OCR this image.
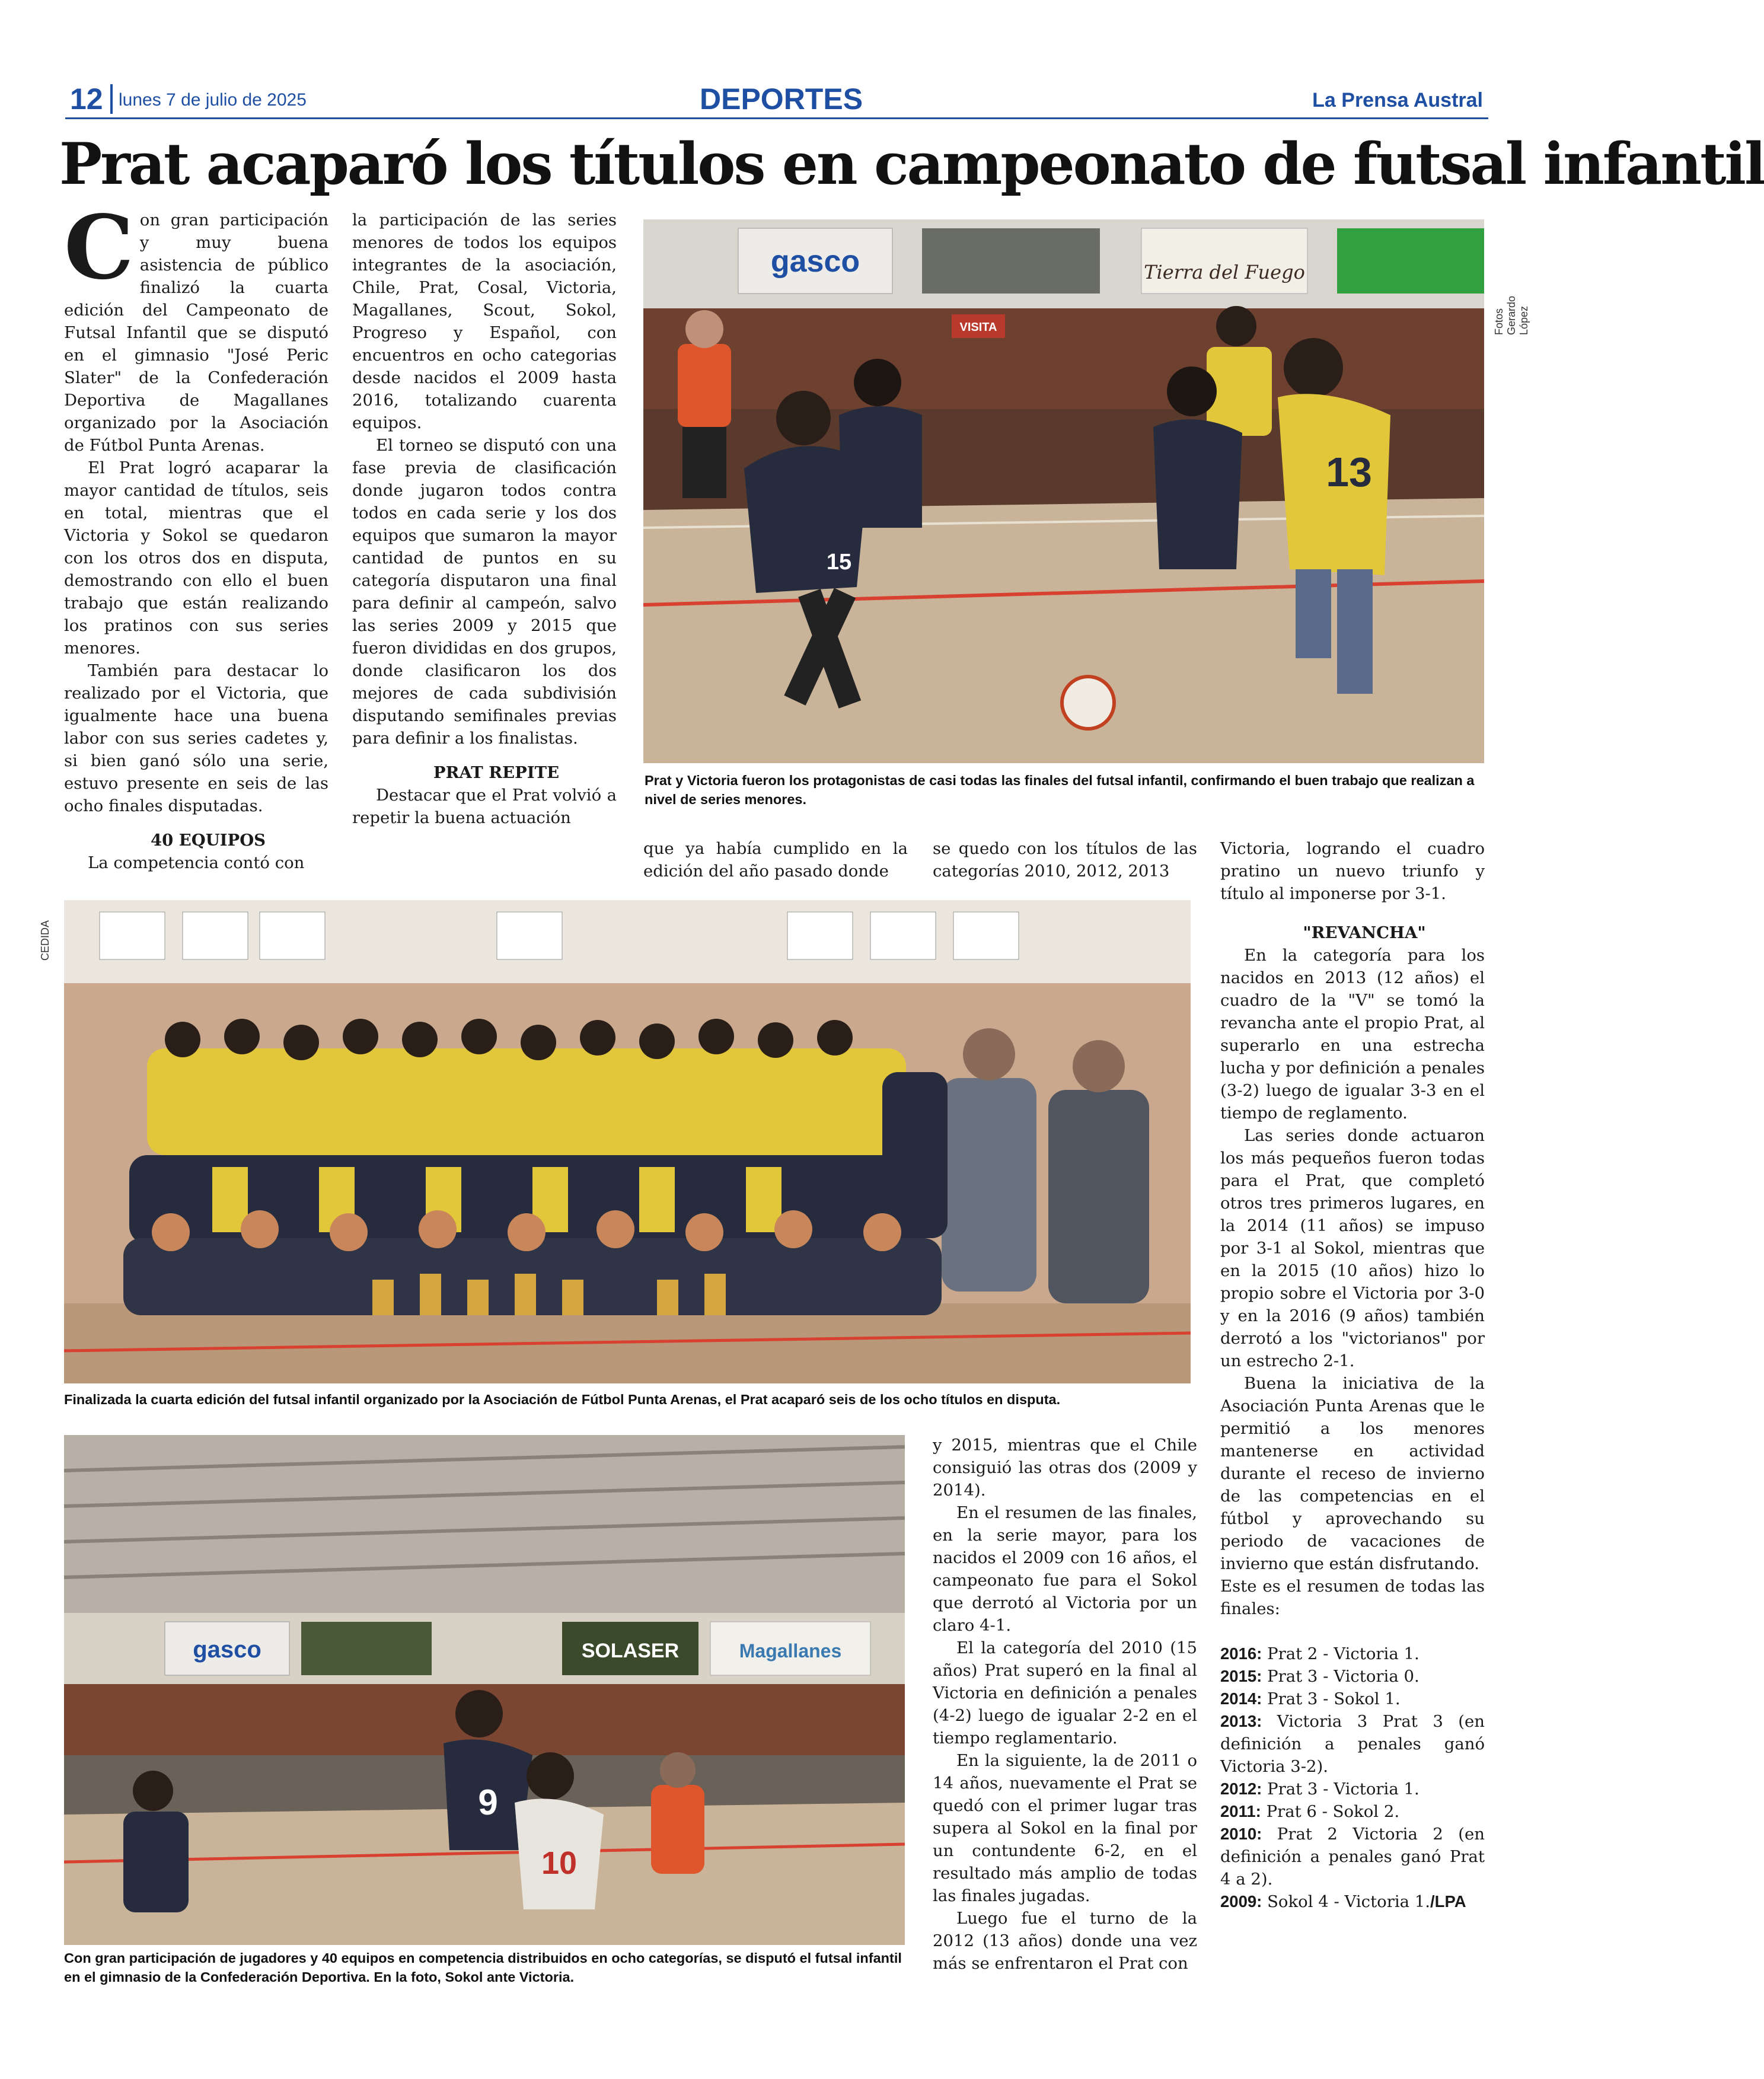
12 lunes 7 de julio de 2025	DEPORTES	La Prensa Austral
Prat acaparó los títulos en campeonato de futsal infantil

Con gran participación y muy buena asistencia de público finalizó la cuarta edición del Campeonato de Futsal Infantil que se disputó en el gimnasio "José Peric Slater" de la Confederación Deportiva de Magallanes organizado por la Asociación de Fútbol Punta Arenas.

El Prat logró acaparar la mayor cantidad de títulos, seis en total, mientras que el Victoria y Sokol se quedaron con los otros dos en disputa, demostrando con ello el buen trabajo que están realizando los pratinos con sus series menores.

También para destacar lo realizado por el Victoria, que igualmente hace una buena labor con sus series cadetes y, si bien ganó sólo una serie, estuvo presente en seis de las ocho finales disputadas.

40 EQUIPOS

La competencia contó con

la participación de las series menores de todos los equipos integrantes de la asociación, Chile, Prat, Cosal, Victoria, Magallanes, Scout, Sokol, Progreso y Español, con encuentros en ocho categorias desde nacidos el 2009 hasta 2016, totalizando cuarenta equipos.

El torneo se disputó con una fase previa de clasificación donde jugaron todos contra todos en cada serie y los dos equipos que sumaron la mayor cantidad de puntos en su categoría disputaron una final para definir al campeón, salvo las series 2009 y 2015 que fueron divididas en dos grupos, donde clasificaron los dos mejores de cada subdivisión disputando semifinales previas para definir a los finalistas.

PRAT REPITE

Destacar que el Prat volvió a repetir la buena actuación

gasco	Tierra del Fuego
VISITA
15
13
Fotos Gerardo López
Prat y Victoria fueron los protagonistas de casi todas las finales del futsal infantil, confirmando el buen trabajo que realizan a nivel de series menores.

que ya había cumplido en la edición del año pasado donde

se quedo con los títulos de las categorías 2010, 2012, 2013

CEDIDA
Finalizada la cuarta edición del futsal infantil organizado por la Asociación de Fútbol Punta Arenas, el Prat acaparó seis de los ocho títulos en disputa.
gasco	SOLASER	Magallanes
9
10
Con gran participación de jugadores y 40 equipos en competencia distribuidos en ocho categorías, se disputó el futsal infantil en el gimnasio de la Confederación Deportiva. En la foto, Sokol ante Victoria.

y 2015, mientras que el Chile consiguió las otras dos (2009 y 2014).

En el resumen de las finales, en la serie mayor, para los nacidos el 2009 con 16 años, el campeonato fue para el Sokol que derrotó al Victoria por un claro 4-1.

El la categoría del 2010 (15 años) Prat superó en la final al Victoria en definición a penales (4-2) luego de igualar 2-2 en el tiempo reglamentario.

En la siguiente, la de 2011 o 14 años, nuevamente el Prat se quedó con el primer lugar tras supera al Sokol en la final por un contundente 6-2, en el resultado más amplio de todas las finales jugadas.

Luego fue el turno de la 2012 (13 años) donde una vez más se enfrentaron el Prat con

Victoria, logrando el cuadro pratino un nuevo triunfo y título al imponerse por 3-1.

"REVANCHA"

En la categoría para los nacidos en 2013 (12 años) el cuadro de la "V" se tomó la revancha ante el propio Prat, al superarlo en una estrecha lucha y por definición a penales (3-2) luego de igualar 3-3 en el tiempo de reglamento.

Las series donde actuaron los más pequeños fueron todas para el Prat, que completó otros tres primeros lugares, en la 2014 (11 años) se impuso por 3-1 al Sokol, mientras que en la 2015 (10 años) hizo lo propio sobre el Victoria por 3-0 y en la 2016 (9 años) también derrotó a los "victorianos" por un estrecho 2-1.

Buena la iniciativa de la Asociación Punta Arenas que le permitió a los menores mantenerse en actividad durante el receso de invierno de las competencias en el fútbol y aprovechando su periodo de vacaciones de invierno que están disfrutando.

Este es el resumen de todas las finales:

2016: Prat 2 - Victoria 1.

2015: Prat 3 - Victoria 0.

2014: Prat 3 - Sokol 1.

2013: Victoria 3 Prat 3 (en definición a penales ganó Victoria 3-2).

2012: Prat 3 - Victoria 1.

2011: Prat 6 - Sokol 2.

2010: Prat 2 Victoria 2 (en definición a penales ganó Prat 4 a 2).

2009: Sokol 4 - Victoria 1./LPA
